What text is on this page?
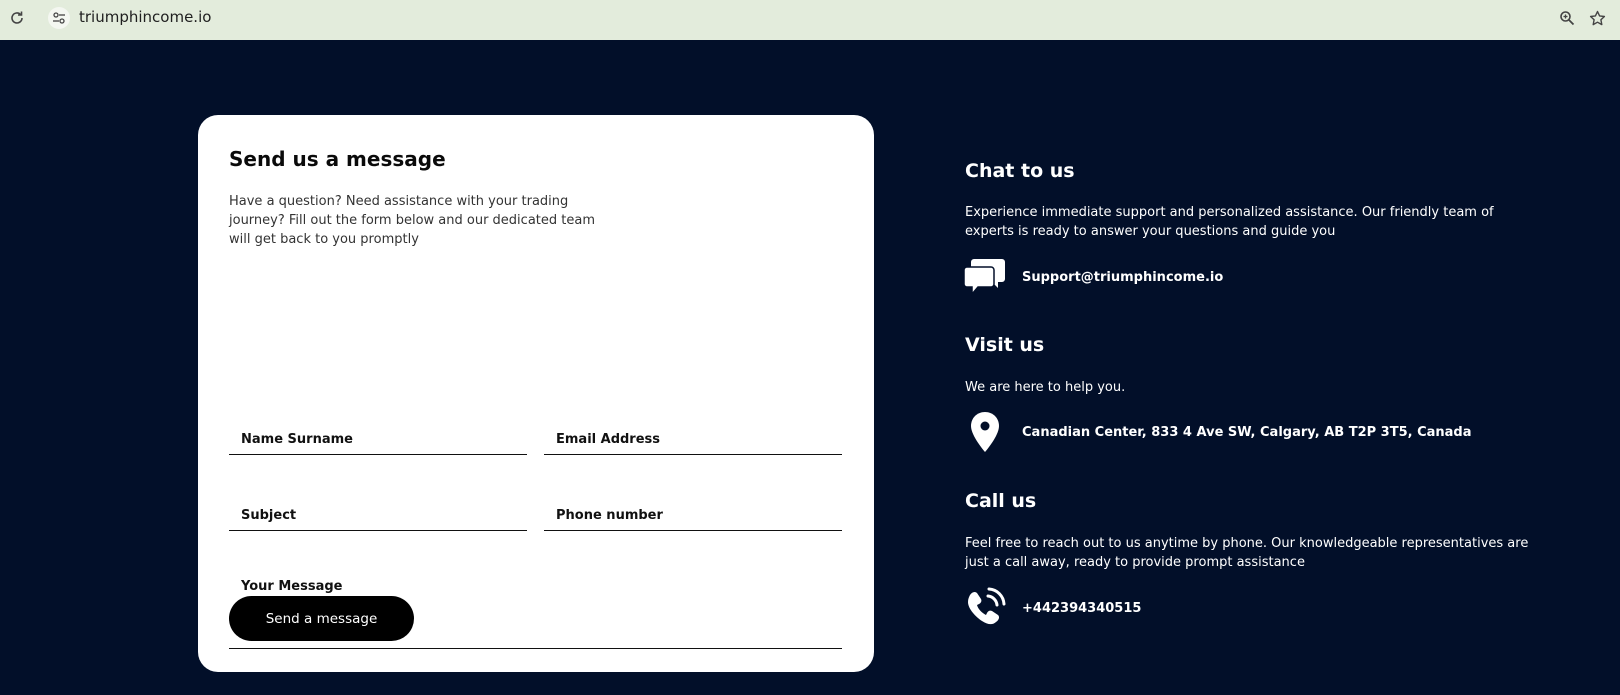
triumphincome.io
Send us a message

Have a question? Need assistance with your trading journey? Fill out the form below and our dedicated team will get back to you promptly

Name Surname
Email Address
Subject
Phone number
Your Message
Send a message
Chat to us

Experience immediate support and personalized assistance. Our friendly team of experts is ready to answer your questions and guide you

Support@triumphincome.io
Visit us

We are here to help you.

Canadian Center, 833 4 Ave SW, Calgary, AB T2P 3T5, Canada
Call us

Feel free to reach out to us anytime by phone. Our knowledgeable representatives are just a call away, ready to provide prompt assistance

+442394340515
